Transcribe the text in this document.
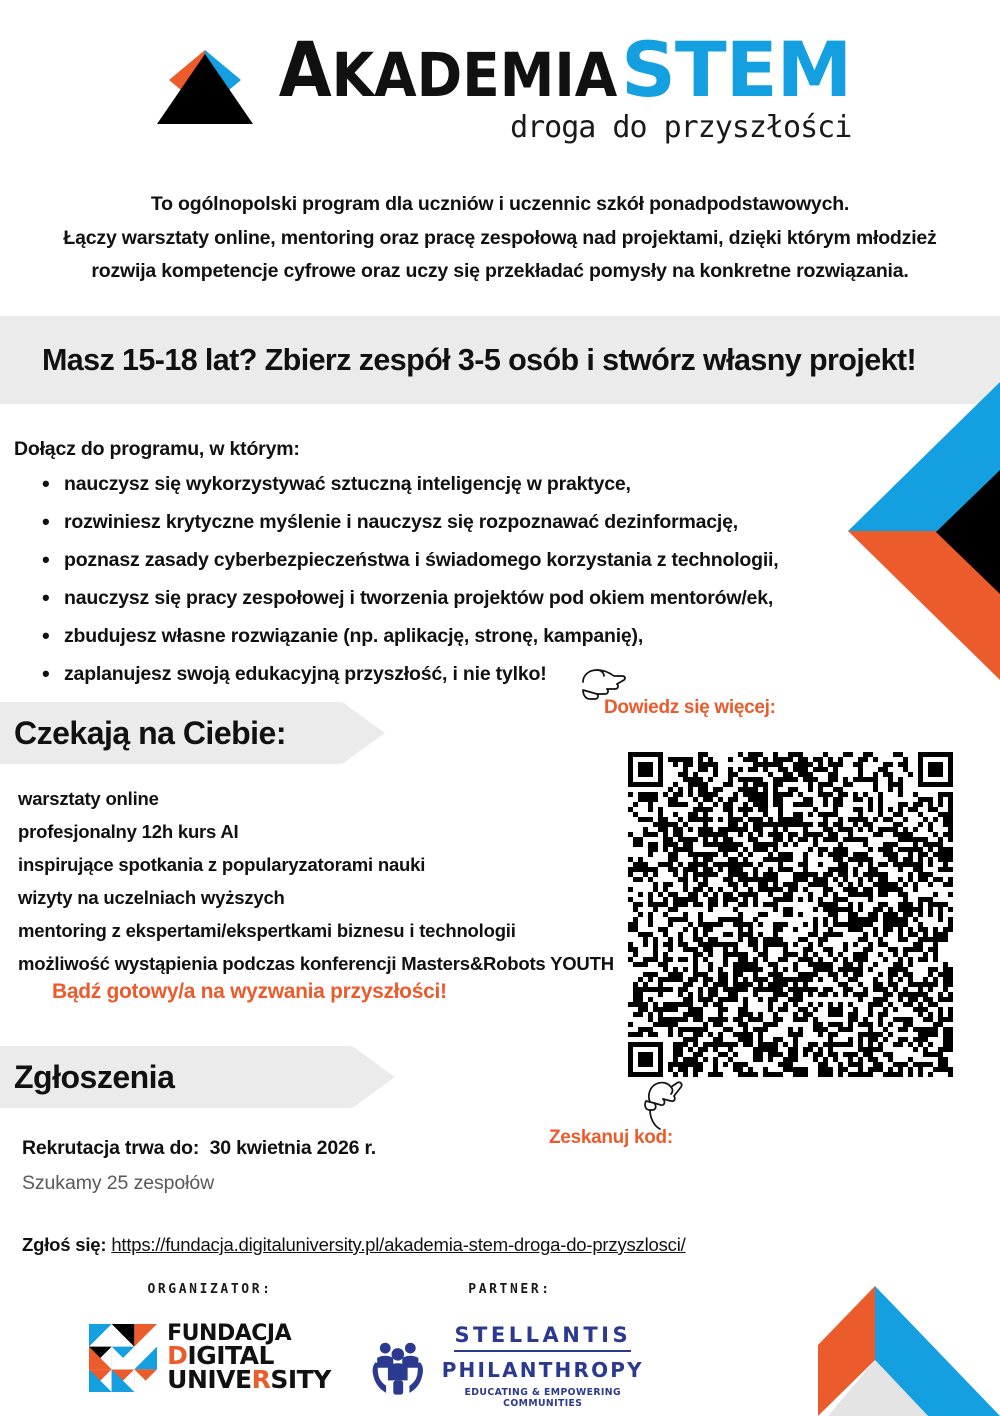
AKADEMIA STEM
droga do przyszłości
To ogólnopolski program dla uczniów i uczennic szkół ponadpodstawowych.
Łączy warsztaty online, mentoring oraz pracę zespołową nad projektami, dzięki którym młodzież
rozwija kompetencje cyfrowe oraz uczy się przekładać pomysły na konkretne rozwiązania.
Masz 15-18 lat? Zbierz zespół 3-5 osób i stwórz własny projekt!
Dołącz do programu, w którym:
• nauczysz się wykorzystywać sztuczną inteligencję w praktyce,
• rozwiniesz krytyczne myślenie i nauczysz się rozpoznawać dezinformację,
• poznasz zasady cyberbezpieczeństwa i świadomego korzystania z technologii,
• nauczysz się pracy zespołowej i tworzenia projektów pod okiem mentorów/ek,
• zbudujesz własne rozwiązanie (np. aplikację, stronę, kampanię),
• zaplanujesz swoją edukacyjną przyszłość, i nie tylko!
Czekają na Ciebie:
warsztaty online
profesjonalny 12h kurs AI
inspirujące spotkania z popularyzatorami nauki
wizyty na uczelniach wyższych
mentoring z ekspertami/ekspertkami biznesu i technologii
możliwość wystąpienia podczas konferencji Masters&Robots YOUTH
Bądź gotowy/a na wyzwania przyszłości!
Zgłoszenia
Rekrutacja trwa do: 30 kwietnia 2026 r.
Szukamy 25 zespołów
Zgłoś się: https://fundacja.digitaluniversity.pl/akademia-stem-droga-do-przyszlosci/
Dowiedz się więcej:
Zeskanuj kod:
ORGANIZATOR:
FUNDACJA
DIGITAL
UNIVERSITY
PARTNER:
STELLANTIS
PHILANTHROPY
EDUCATING & EMPOWERING COMMUNITIES
